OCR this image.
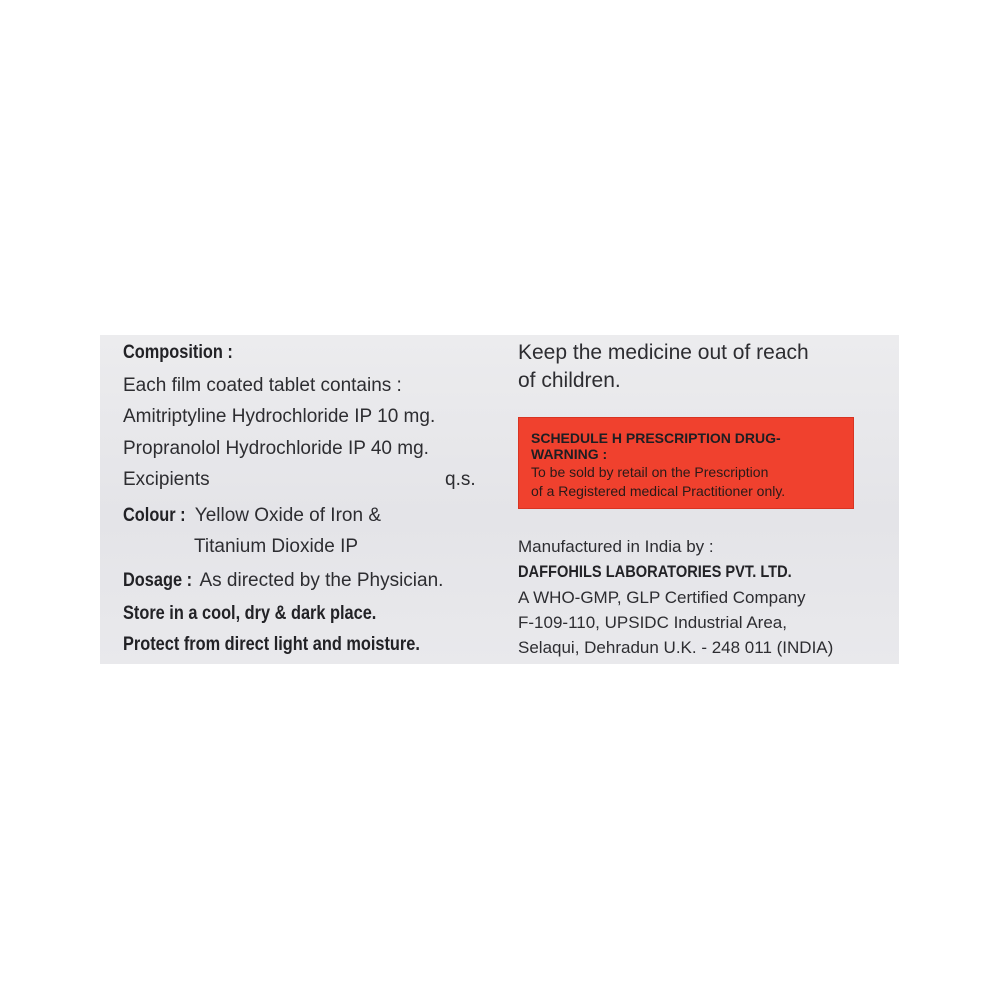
Composition :
Each film coated tablet contains :
Amitriptyline Hydrochloride IP 10 mg.
Propranolol Hydrochloride IP 40 mg.
Excipients	q.s.
Colour : Yellow Oxide of Iron &
Titanium Dioxide IP
Dosage : As directed by the Physician.
Store in a cool, dry & dark place.
Protect from direct light and moisture.
Keep the medicine out of reach
of children.
SCHEDULE H PRESCRIPTION DRUG-
WARNING :
To be sold by retail on the Prescription
of a Registered medical Practitioner only.
Manufactured in India by :
DAFFOHILS LABORATORIES PVT. LTD.
A WHO-GMP, GLP Certified Company
F-109-110, UPSIDC Industrial Area,
Selaqui, Dehradun U.K. - 248 011 (INDIA)
